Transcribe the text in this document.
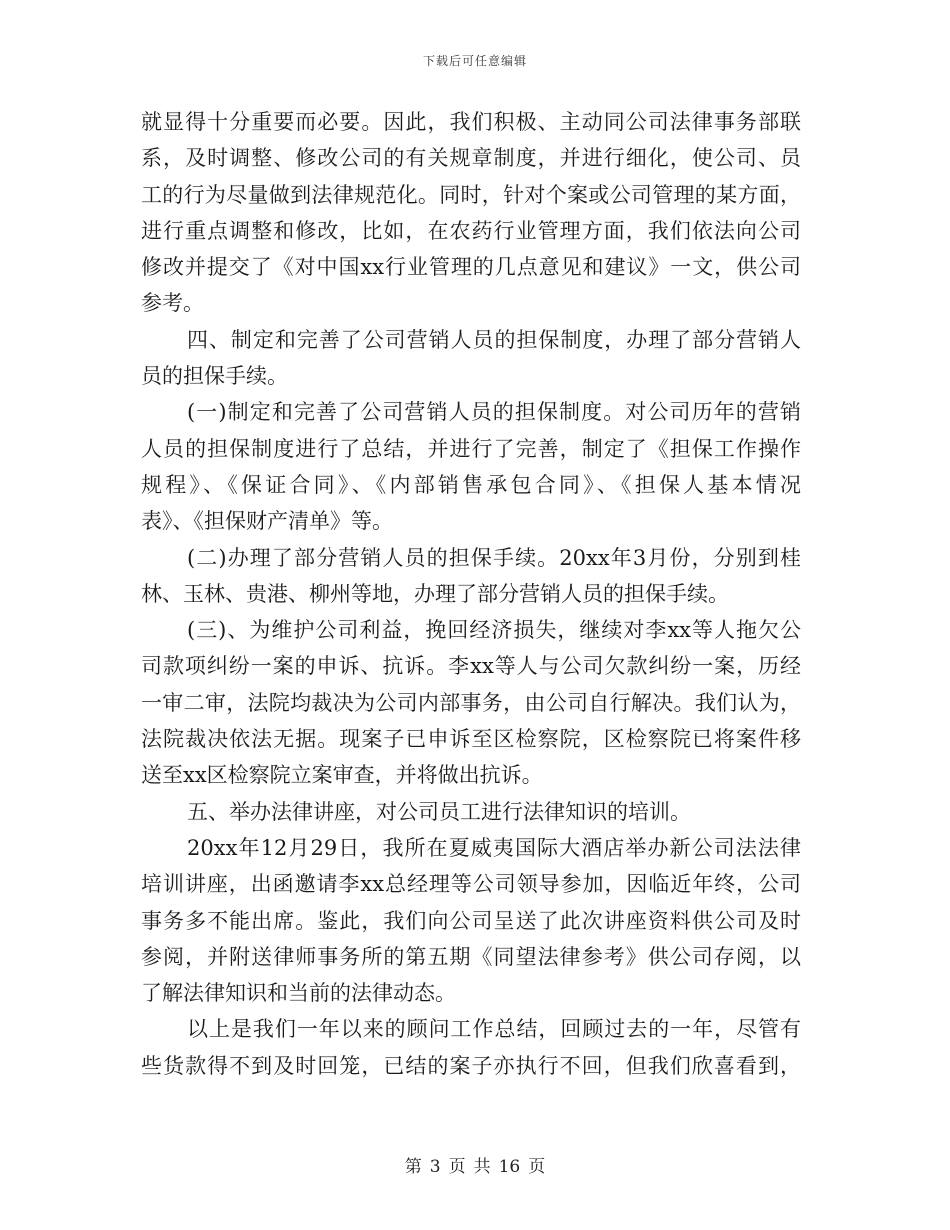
下载后可任意编辑
就显得十分重要而必要。因此，我们积极、主动同公司法律事务部联
系，及时调整、修改公司的有关规章制度，并进行细化，使公司、员
工的行为尽量做到法律规范化。同时，针对个案或公司管理的某方面，
进行重点调整和修改，比如，在农药行业管理方面，我们依法向公司
修改并提交了《对中国xx行业管理的几点意见和建议》一文，供公司
参考。
四、制定和完善了公司营销人员的担保制度，办理了部分营销人
员的担保手续。
(一)制定和完善了公司营销人员的担保制度。对公司历年的营销
人员的担保制度进行了总结，并进行了完善，制定了《担保工作操作
规程》、《保证合同》、《内部销售承包合同》、《担保人基本情况
表》、《担保财产清单》等。
(二)办理了部分营销人员的担保手续。20xx年3月份，分别到桂
林、玉林、贵港、柳州等地，办理了部分营销人员的担保手续。
(三)、为维护公司利益，挽回经济损失，继续对李xx等人拖欠公
司款项纠纷一案的申诉、抗诉。李xx等人与公司欠款纠纷一案，历经
一审二审，法院均裁决为公司内部事务，由公司自行解决。我们认为，
法院裁决依法无据。现案子已申诉至区检察院，区检察院已将案件移
送至xx区检察院立案审查，并将做出抗诉。
五、举办法律讲座，对公司员工进行法律知识的培训。
20xx年12月29日，我所在夏威夷国际大酒店举办新公司法法律
培训讲座，出函邀请李xx总经理等公司领导参加，因临近年终，公司
事务多不能出席。鉴此，我们向公司呈送了此次讲座资料供公司及时
参阅，并附送律师事务所的第五期《同望法律参考》供公司存阅，以
了解法律知识和当前的法律动态。
以上是我们一年以来的顾问工作总结，回顾过去的一年，尽管有
些货款得不到及时回笼，已结的案子亦执行不回，但我们欣喜看到，
第 3 页 共 16 页
